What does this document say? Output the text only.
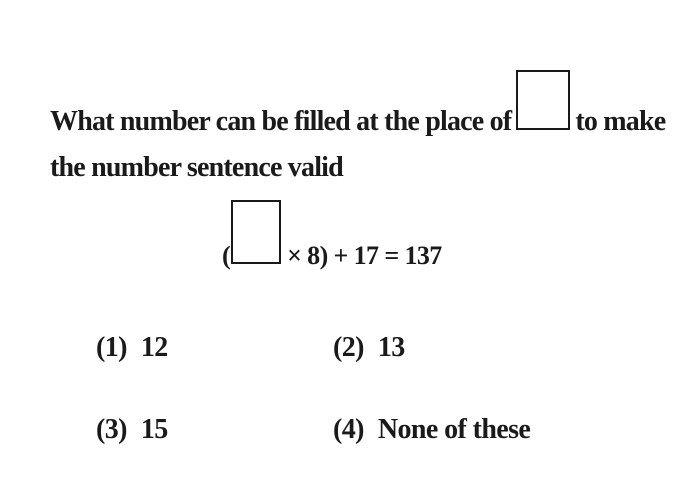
What number can be filled at the place of to make the number sentence valid
( × 8) + 17 = 137
(1) 12	(2) 13
(3) 15	(4) None of these
